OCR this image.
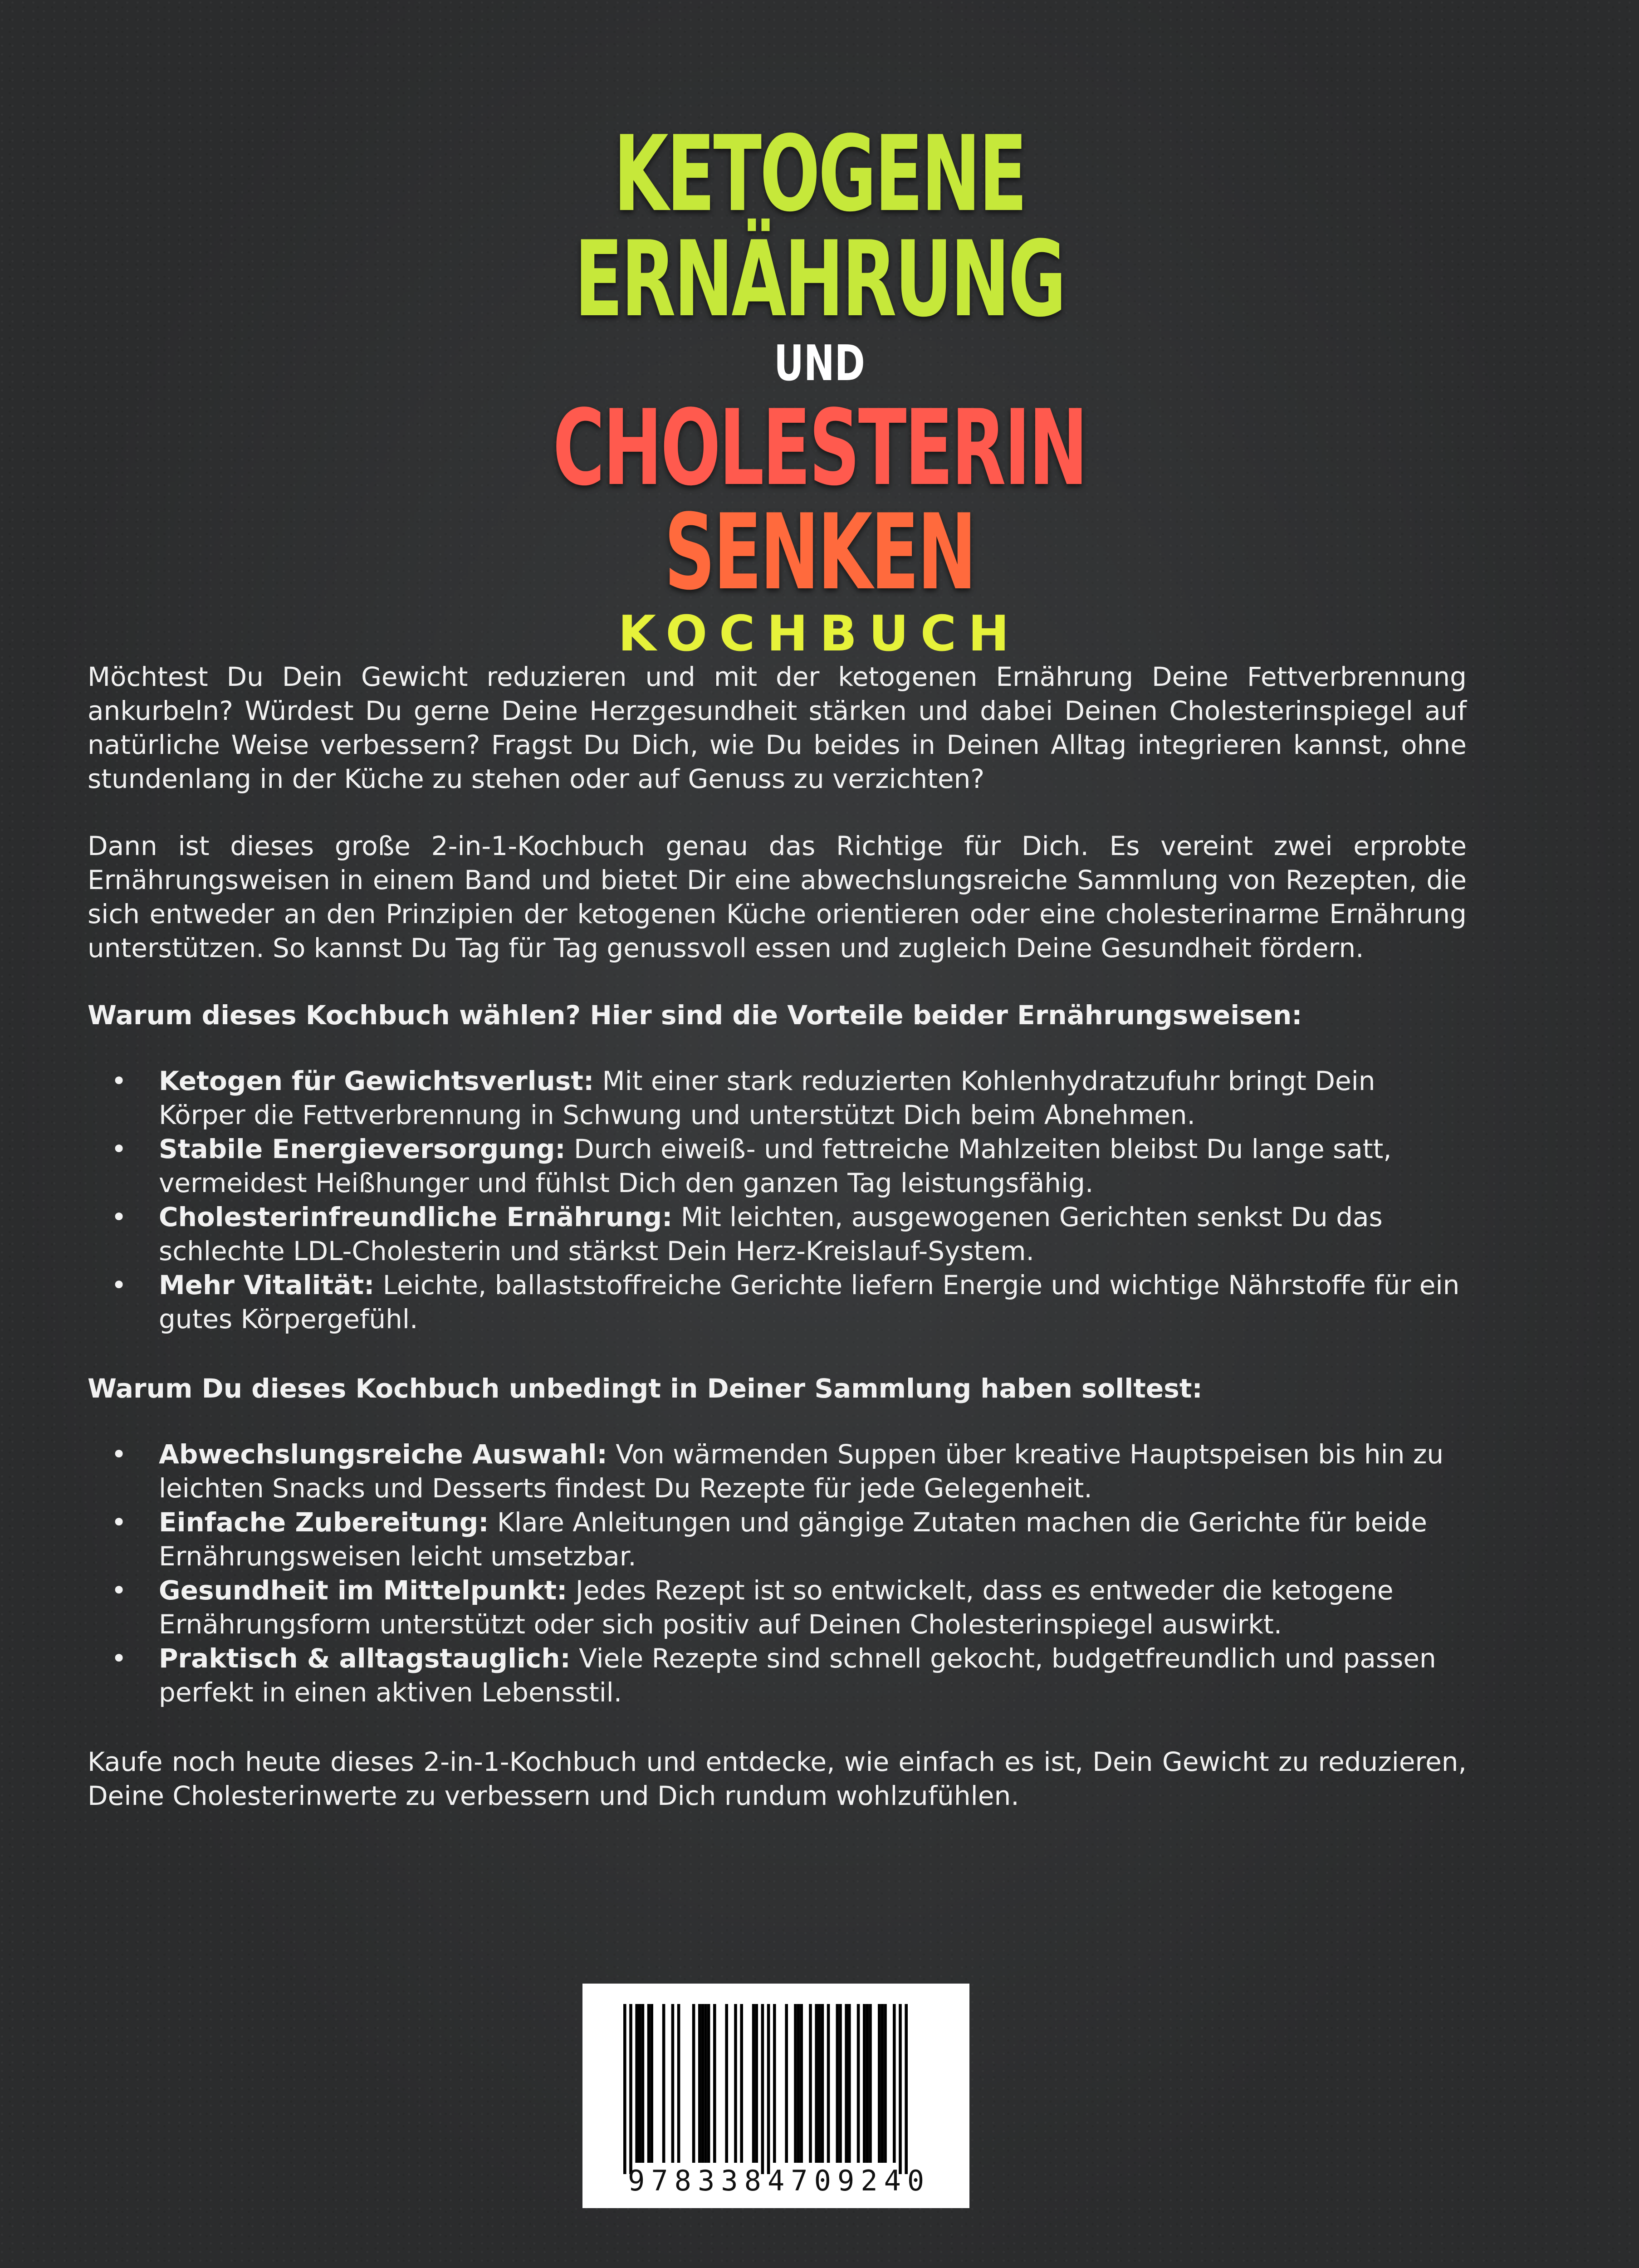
KETOGENE
ERNÄHRUNG
UND
CHOLESTERIN
SENKEN
KOCHBUCH

Möchtest Du Dein Gewicht reduzieren und mit der ketogenen Ernährung Deine Fettverbrennung ankurbeln? Würdest Du gerne Deine Herzgesundheit stärken und dabei Deinen Cholesterinspiegel auf natürliche Weise verbessern? Fragst Du Dich, wie Du beides in Deinen Alltag integrieren kannst, ohne stundenlang in der Küche zu stehen oder auf Genuss zu verzichten?

Dann ist dieses große 2-in-1-Kochbuch genau das Richtige für Dich. Es vereint zwei erprobte Ernährungsweisen in einem Band und bietet Dir eine abwechslungsreiche Sammlung von Rezepten, die sich entweder an den Prinzipien der ketogenen Küche orientieren oder eine cholesterinarme Ernährung unterstützen. So kannst Du Tag für Tag genussvoll essen und zugleich Deine Gesundheit fördern.

Warum dieses Kochbuch wählen? Hier sind die Vorteile beider Ernährungsweisen:

• Ketogen für Gewichtsverlust: Mit einer stark reduzierten Kohlenhydratzufuhr bringt Dein Körper die Fettverbrennung in Schwung und unterstützt Dich beim Abnehmen.
• Stabile Energieversorgung: Durch eiweiß- und fettreiche Mahlzeiten bleibst Du lange satt, vermeidest Heißhunger und fühlst Dich den ganzen Tag leistungsfähig.
• Cholesterinfreundliche Ernährung: Mit leichten, ausgewogenen Gerichten senkst Du das schlechte LDL-Cholesterin und stärkst Dein Herz-Kreislauf-System.
• Mehr Vitalität: Leichte, ballaststoffreiche Gerichte liefern Energie und wichtige Nährstoffe für ein gutes Körpergefühl.

Warum Du dieses Kochbuch unbedingt in Deiner Sammlung haben solltest:

• Abwechslungsreiche Auswahl: Von wärmenden Suppen über kreative Hauptspeisen bis hin zu leichten Snacks und Desserts findest Du Rezepte für jede Gelegenheit.
• Einfache Zubereitung: Klare Anleitungen und gängige Zutaten machen die Gerichte für beide Ernährungsweisen leicht umsetzbar.
• Gesundheit im Mittelpunkt: Jedes Rezept ist so entwickelt, dass es entweder die ketogene Ernährungsform unterstützt oder sich positiv auf Deinen Cholesterinspiegel auswirkt.
• Praktisch & alltagstauglich: Viele Rezepte sind schnell gekocht, budgetfreundlich und passen perfekt in einen aktiven Lebensstil.

Kaufe noch heute dieses 2-in-1-Kochbuch und entdecke, wie einfach es ist, Dein Gewicht zu reduzieren, Deine Cholesterinwerte zu verbessern und Dich rundum wohlzufühlen.

9783384709240
